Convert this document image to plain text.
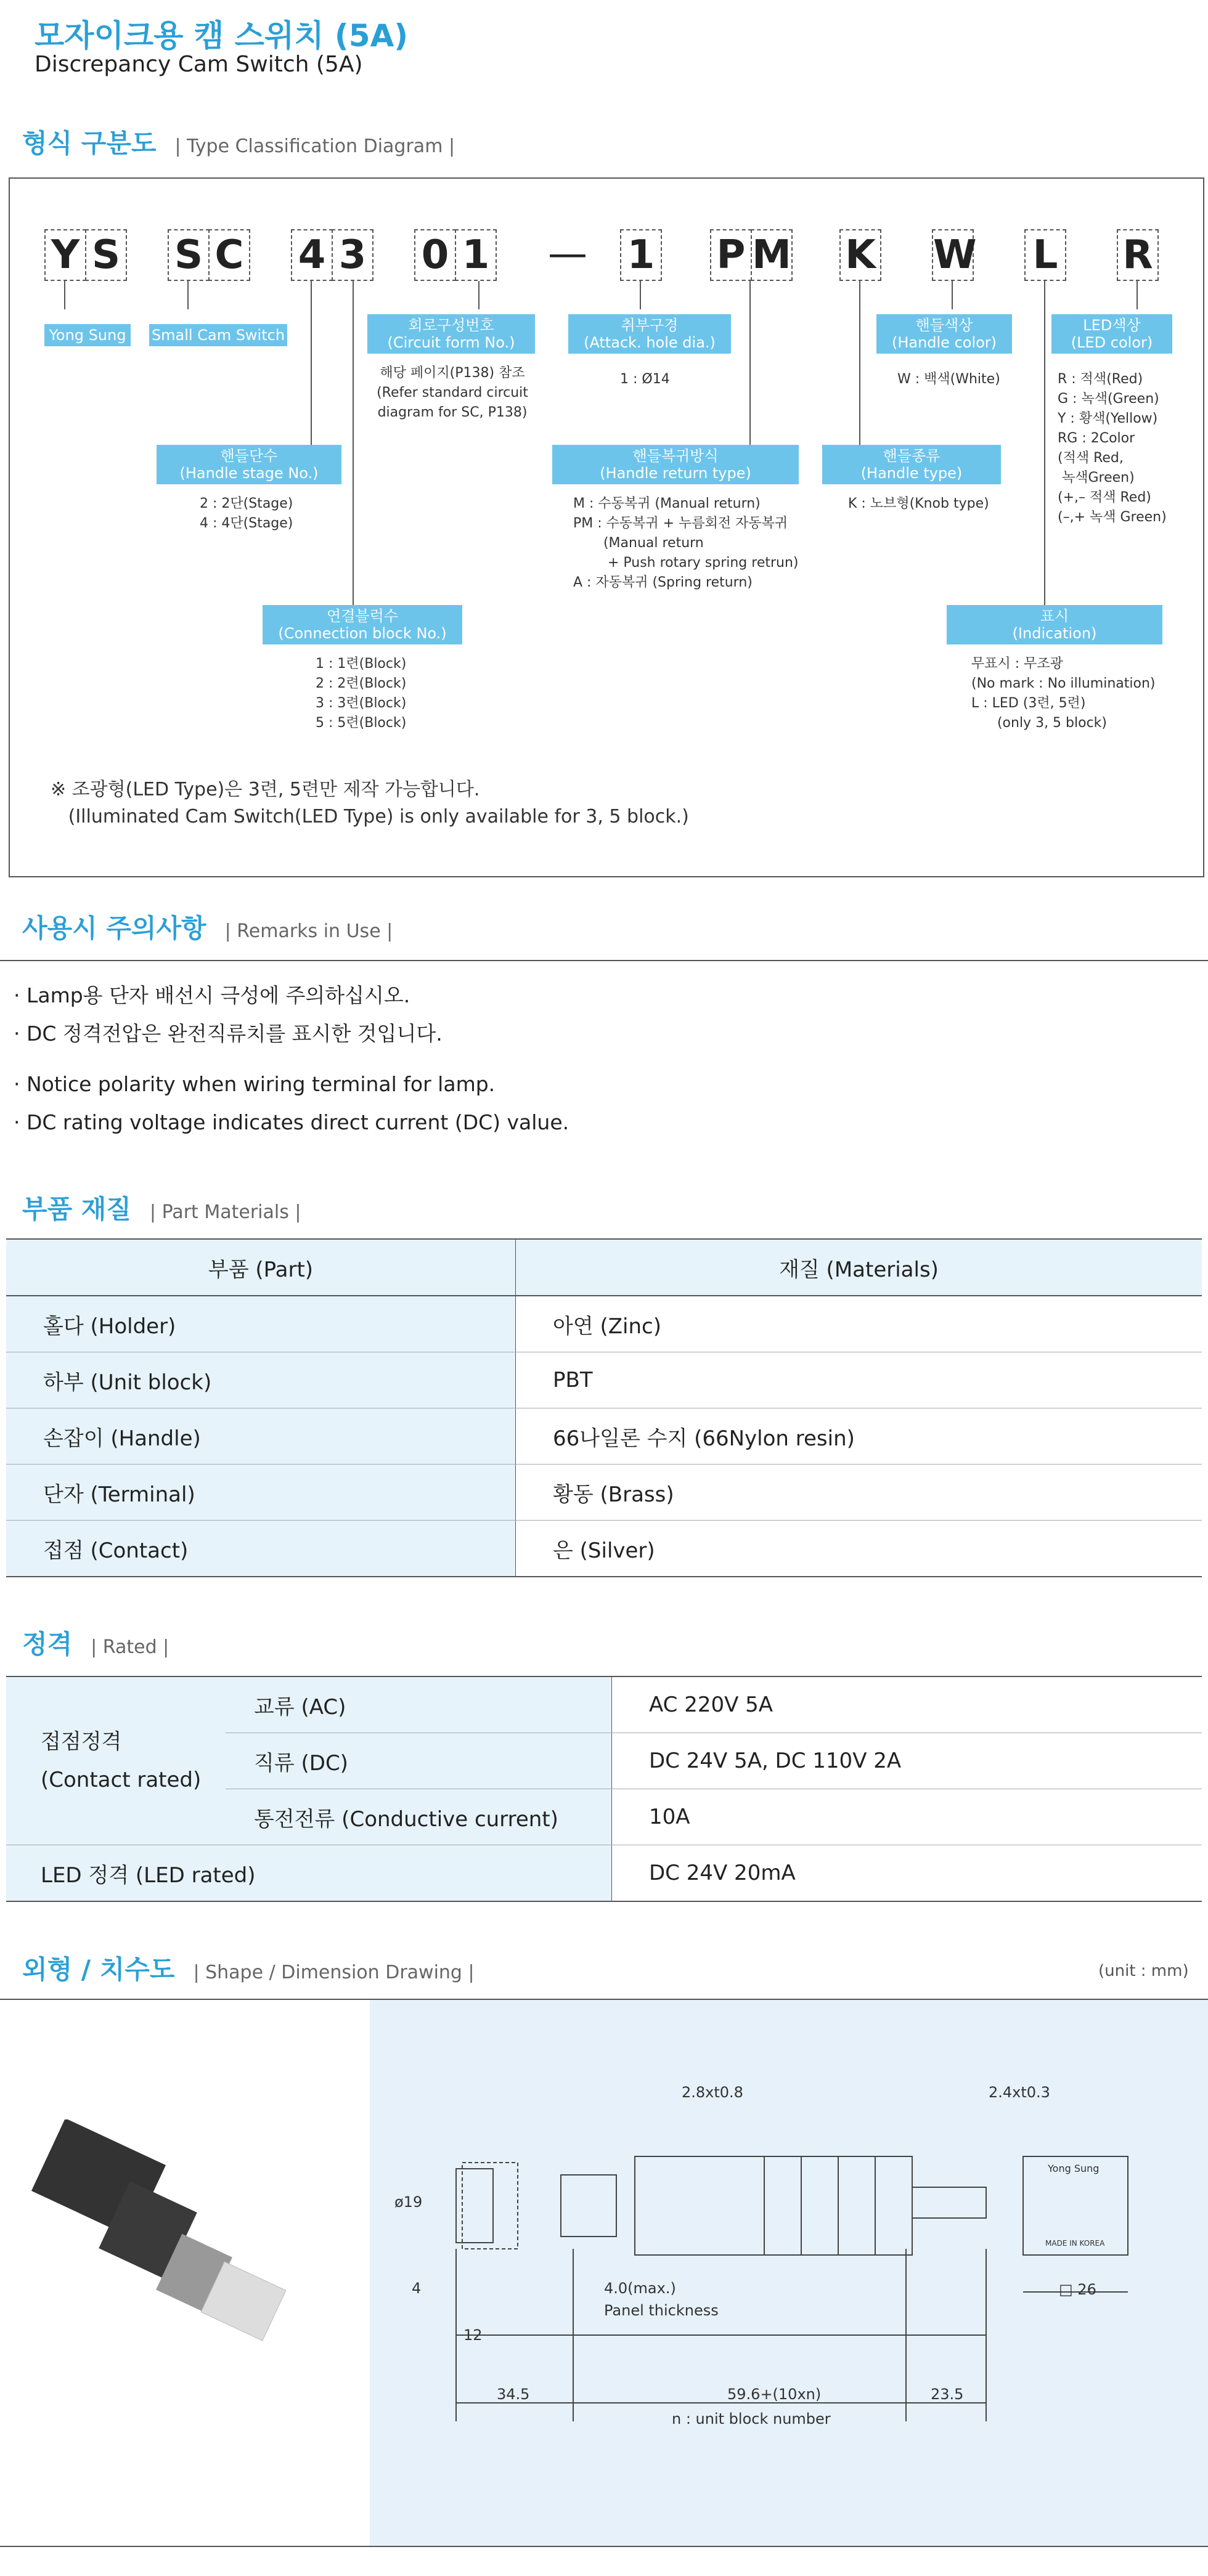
모자이크용 캠 스위치 (5A)
Discrepancy Cam Switch (5A)
형식 구분도 | Type Classification Diagram |
Y S S C 4 3 0 1 — 1 P M K W L R
Yong Sung	Small Cam Switch
회로구성번호
(Circuit form No.)
해당 페이지(P138) 참조
(Refer standard circuit
diagram for SC, P138)
취부구경
(Attack. hole dia.)
1 : Ø14
핸들색상
(Handle color)
W : 백색(White)
LED색상
(LED color)
R : 적색(Red)
G : 녹색(Green)
Y : 황색(Yellow)
RG : 2Color
(적색 Red,
녹색Green)
(+,– 적색 Red)
(–,+ 녹색 Green)
핸들단수
(Handle stage No.)
2 : 2단(Stage)
4 : 4단(Stage)
핸들복귀방식
(Handle return type)
M : 수동복귀 (Manual return)
PM : 수동복귀 + 누름회전 자동복귀
(Manual return
+ Push rotary spring retrun)
A : 자동복귀 (Spring return)
핸들종류
(Handle type)
K : 노브형(Knob type)
연결블럭수
(Connection block No.)
1 : 1련(Block)
2 : 2련(Block)
3 : 3련(Block)
5 : 5련(Block)
표시
(Indication)
무표시 : 무조광
(No mark : No illumination)
L : LED (3련, 5련)
(only 3, 5 block)
※ 조광형(LED Type)은 3련, 5련만 제작 가능합니다.
(Illuminated Cam Switch(LED Type) is only available for 3, 5 block.)
사용시 주의사항 | Remarks in Use |
· Lamp용 단자 배선시 극성에 주의하십시오.
· DC 정격전압은 완전직류치를 표시한 것입니다.
· Notice polarity when wiring terminal for lamp.
· DC rating voltage indicates direct current (DC) value.
부품 재질 | Part Materials |
부품 (Part)	재질 (Materials)
홀다 (Holder)	아연 (Zinc)
하부 (Unit block)	PBT
손잡이 (Handle)	66나일론 수지 (66Nylon resin)
단자 (Terminal)	황동 (Brass)
접점 (Contact)	은 (Silver)
정격 | Rated |
접점정격
(Contact rated)	교류 (AC)	AC 220V 5A
	직류 (DC)	DC 24V 5A, DC 110V 2A
	통전전류 (Conductive current)	10A
LED 정격 (LED rated)		DC 24V 20mA
외형 / 치수도 | Shape / Dimension Drawing |	(unit : mm)
2.8xt0.8	2.4xt0.3
ø19
4	4.0(max.)
Panel thickness
12
34.5	59.6+(10xn)	23.5
n : unit block number
□ 26
Yong Sung
MADE IN KOREA
